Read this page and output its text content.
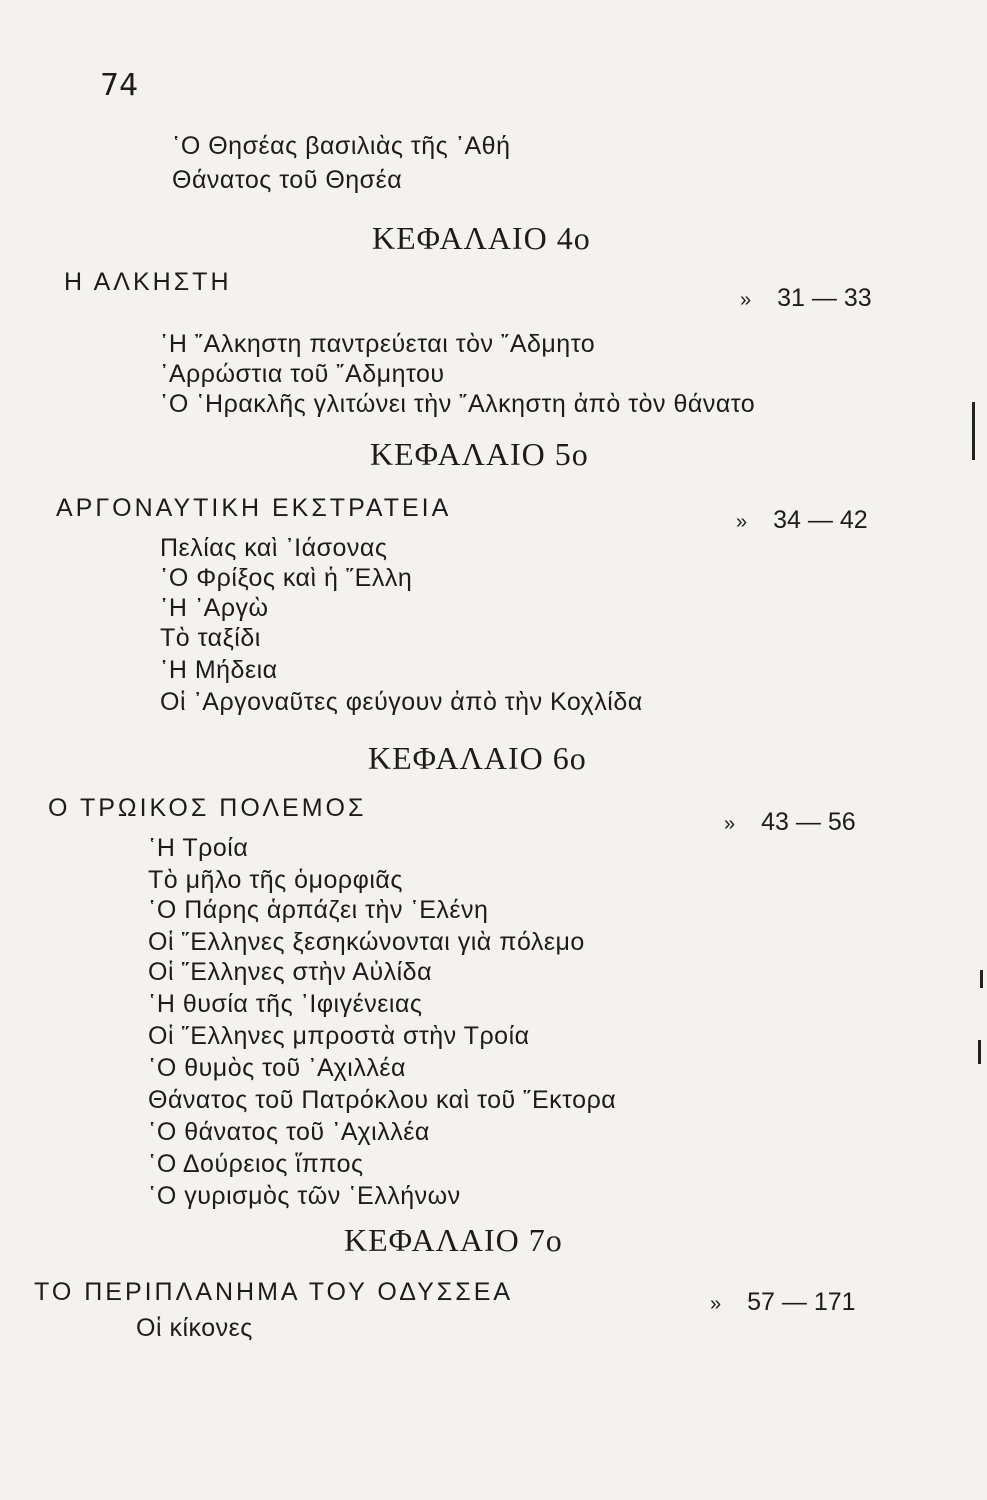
74
῾Ο Θησέας βασιλιὰς τῆς ᾿Αθή
Θάνατος τοῦ Θησέα
ΚΕΦΑΛΑΙΟ 4ο
Η ΑΛΚΗΣΤΗ
» 31 — 33
῾Η ῎Αλκηστη παντρεύεται τὸν ῎Αδμητο
᾿Αρρώστια τοῦ ῎Αδμητου
῾Ο ῾Ηρακλῆς γλιτώνει τὴν ῎Αλκηστη ἀπὸ τὸν θάνατο
ΚΕΦΑΛΑΙΟ 5ο
ΑΡΓΟΝΑΥΤΙΚΗ ΕΚΣΤΡΑΤΕΙΑ	» 34 — 42
Πελίας καὶ ᾿Ιάσονας
῾Ο Φρίξος καὶ ἡ ῞Ελλη
῾Η ᾿Αργὼ
Τὸ ταξίδι
῾Η Μήδεια
Οἱ ᾿Αργοναῦτες φεύγουν ἀπὸ τὴν Κοχλίδα
ΚΕΦΑΛΑΙΟ 6ο
Ο ΤΡΩΙΚΟΣ ΠΟΛΕΜΟΣ
» 43 — 56
῾Η Τροία
Τὸ μῆλο τῆς ὁμορφιᾶς
῾Ο Πάρης ἁρπάζει τὴν ῾Ελένη
Οἱ ῞Ελληνες ξεσηκώνονται γιὰ πόλεμο
Οἱ ῞Ελληνες στὴν Αὐλίδα
῾Η θυσία τῆς ᾿Ιφιγένειας
Οἱ ῞Ελληνες μπροστὰ στὴν Τροία
῾Ο θυμὸς τοῦ ᾿Αχιλλέα
Θάνατος τοῦ Πατρόκλου καὶ τοῦ ῞Εκτορα
῾Ο θάνατος τοῦ ᾿Αχιλλέα
῾Ο Δούρειος ἵππος
῾Ο γυρισμὸς τῶν ῾Ελλήνων
ΚΕΦΑΛΑΙΟ 7ο
ΤΟ ΠΕΡΙΠΛΑΝΗΜΑ ΤΟΥ ΟΔΥΣΣΕΑ	» 57 — 171
Οἱ κίκονες
